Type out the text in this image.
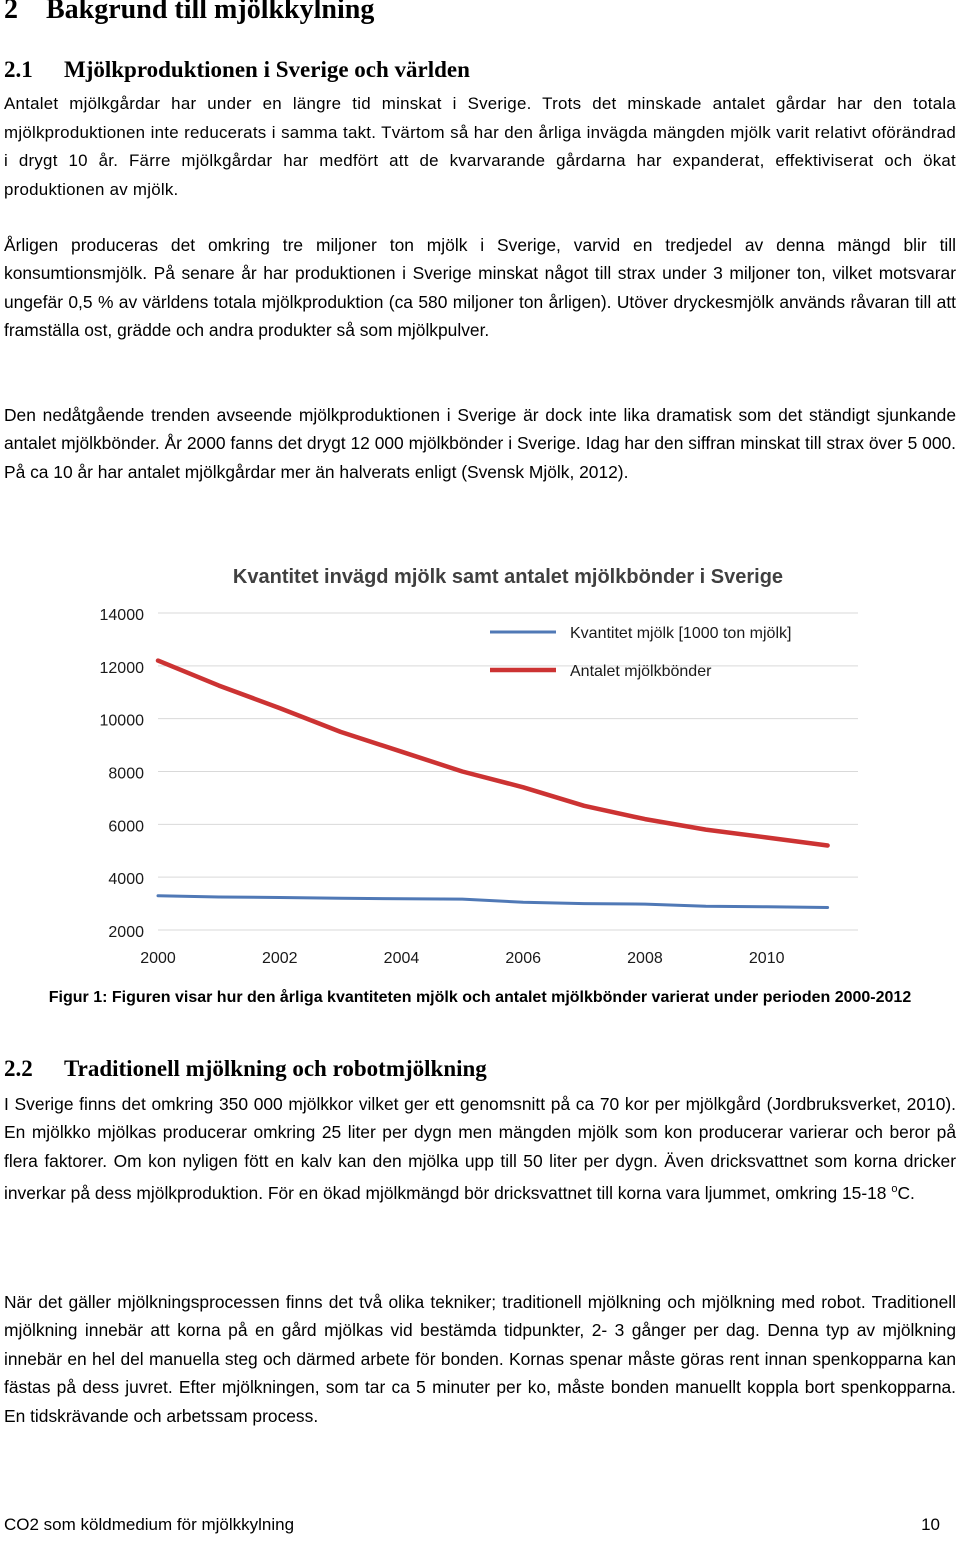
2 Bakgrund till mjölkkylning
2.1 Mjölkproduktionen i Sverige och världen

Antalet mjölkgårdar har under en längre tid minskat i Sverige. Trots det minskade antalet gårdar har den totala mjölkproduktionen inte reducerats i samma takt. Tvärtom så har den årliga invägda mängden mjölk varit relativt oförändrad i drygt 10 år. Färre mjölkgårdar har medfört att de kvarvarande gårdarna har expanderat, effektiviserat och ökat produktionen av mjölk.

Årligen produceras det omkring tre miljoner ton mjölk i Sverige, varvid en tredjedel av denna mängd blir till konsumtionsmjölk. På senare år har produktionen i Sverige minskat något till strax under 3 miljoner ton, vilket motsvarar ungefär 0,5 % av världens totala mjölkproduktion (ca 580 miljoner ton årligen). Utöver dryckesmjölk används råvaran till att framställa ost, grädde och andra produkter så som mjölkpulver.

Den nedåtgående trenden avseende mjölkproduktionen i Sverige är dock inte lika dramatisk som det ständigt sjunkande antalet mjölkbönder. År 2000 fanns det drygt 12 000 mjölkbönder i Sverige. Idag har den siffran minskat till strax över 5 000. På ca 10 år har antalet mjölkgårdar mer än halverats enligt (Svensk Mjölk, 2012).

Kvantitet invägd mjölk samt antalet mjölkbönder i Sverige
2000
4000
6000
8000
10000
12000
14000
2000	2002	2004	2006	2008	2010
Kvantitet mjölk [1000 ton mjölk]
Antalet mjölkbönder
Figur 1: Figuren visar hur den årliga kvantiteten mjölk och antalet mjölkbönder varierat under perioden 2000-2012
2.2 Traditionell mjölkning och robotmjölkning

I Sverige finns det omkring 350 000 mjölkkor vilket ger ett genomsnitt på ca 70 kor per mjölkgård (Jordbruksverket, 2010). En mjölkko mjölkas producerar omkring 25 liter per dygn men mängden mjölk som kon producerar varierar och beror på flera faktorer. Om kon nyligen fött en kalv kan den mjölka upp till 50 liter per dygn. Även dricksvattnet som korna dricker inverkar på dess mjölkproduktion. För en ökad mjölkmängd bör dricksvattnet till korna vara ljummet, omkring 15-18 $^o$C.

När det gäller mjölkningsprocessen finns det två olika tekniker; traditionell mjölkning och mjölkning med robot. Traditionell mjölkning innebär att korna på en gård mjölkas vid bestämda tidpunkter, 2- 3 gånger per dag. Denna typ av mjölkning innebär en hel del manuella steg och därmed arbete för bonden. Kornas spenar måste göras rent innan spenkopparna kan fästas på dess juvret. Efter mjölkningen, som tar ca 5 minuter per ko, måste bonden manuellt koppla bort spenkopparna. En tidskrävande och arbetssam process.

CO2 som köldmedium för mjölkkylning	10
